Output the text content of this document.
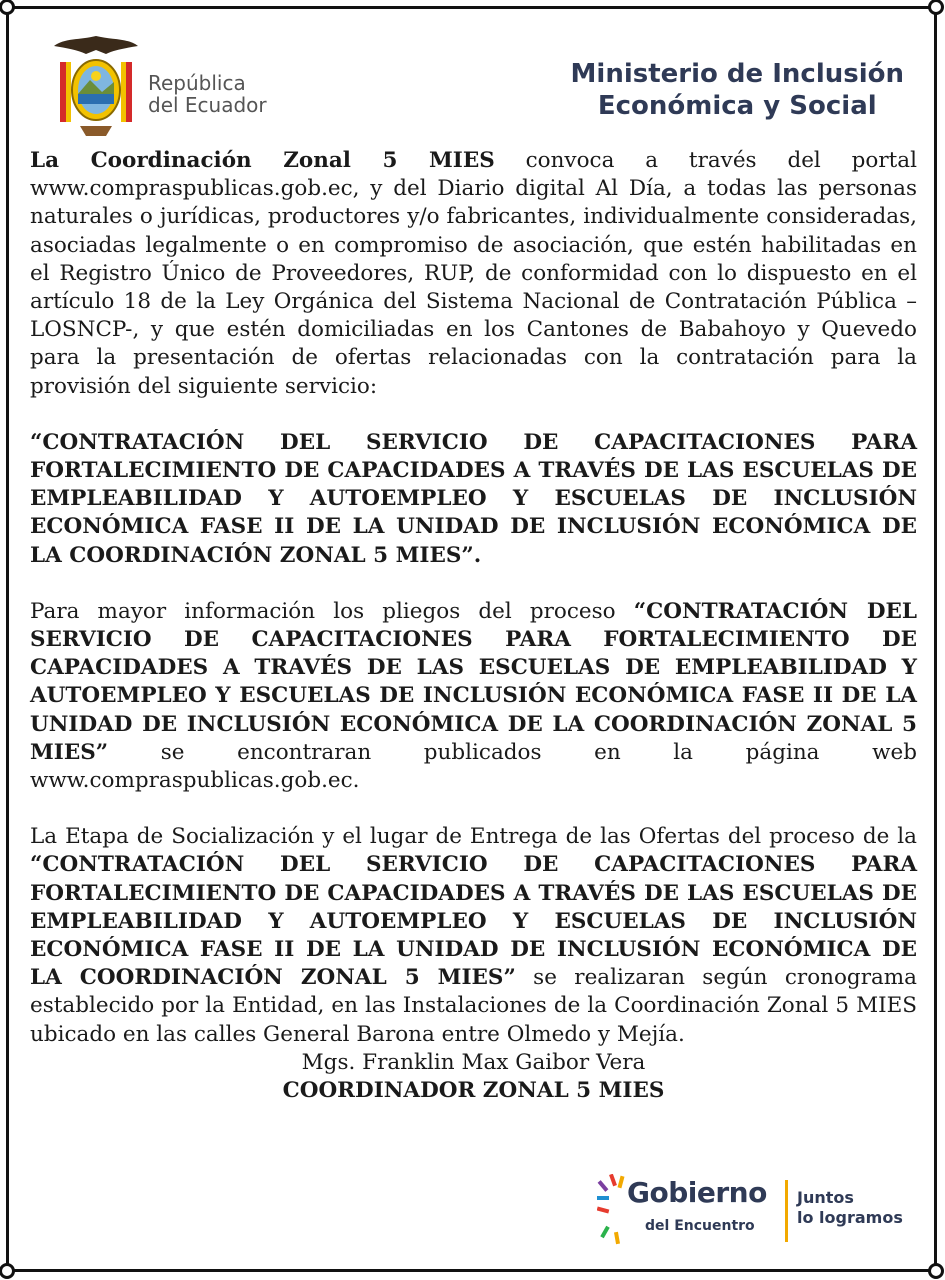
República
del Ecuador
Ministerio de Inclusión
Económica y Social

La Coordinación Zonal 5 MIES convoca a través del portal www.compraspublicas.gob.ec, y del Diario digital Al Día, a todas las personas naturales o jurídicas, productores y/o fabricantes, individualmente consideradas, asociadas legalmente o en compromiso de asociación, que estén habilitadas en el Registro Único de Proveedores, RUP, de conformidad con lo dispuesto en el artículo 18 de la Ley Orgánica del Sistema Nacional de Contratación Pública –LOSNCP-, y que estén domiciliadas en los Cantones de Babahoyo y Quevedo para la presentación de ofertas relacionadas con la contratación para la provisión del siguiente servicio:

“CONTRATACIÓN DEL SERVICIO DE CAPACITACIONES PARA FORTALECIMIENTO DE CAPACIDADES A TRAVÉS DE LAS ESCUELAS DE EMPLEABILIDAD Y AUTOEMPLEO Y ESCUELAS DE INCLUSIÓN ECONÓMICA FASE II DE LA UNIDAD DE INCLUSIÓN ECONÓMICA DE LA COORDINACIÓN ZONAL 5 MIES”.

Para mayor información los pliegos del proceso “CONTRATACIÓN DEL SERVICIO DE CAPACITACIONES PARA FORTALECIMIENTO DE CAPACIDADES A TRAVÉS DE LAS ESCUELAS DE EMPLEABILIDAD Y AUTOEMPLEO Y ESCUELAS DE INCLUSIÓN ECONÓMICA FASE II DE LA UNIDAD DE INCLUSIÓN ECONÓMICA DE LA COORDINACIÓN ZONAL 5 MIES” se encontraran publicados en la página web www.compraspublicas.gob.ec.

La Etapa de Socialización y el lugar de Entrega de las Ofertas del proceso de la “CONTRATACIÓN DEL SERVICIO DE CAPACITACIONES PARA FORTALECIMIENTO DE CAPACIDADES A TRAVÉS DE LAS ESCUELAS DE EMPLEABILIDAD Y AUTOEMPLEO Y ESCUELAS DE INCLUSIÓN ECONÓMICA FASE II DE LA UNIDAD DE INCLUSIÓN ECONÓMICA DE LA COORDINACIÓN ZONAL 5 MIES” se realizaran según cronograma establecido por la Entidad, en las Instalaciones de la Coordinación Zonal 5 MIES ubicado en las calles General Barona entre Olmedo y Mejía.

Mgs. Franklin Max Gaibor Vera

COORDINADOR ZONAL 5 MIES

Gobierno
del Encuentro
Juntos
lo logramos
